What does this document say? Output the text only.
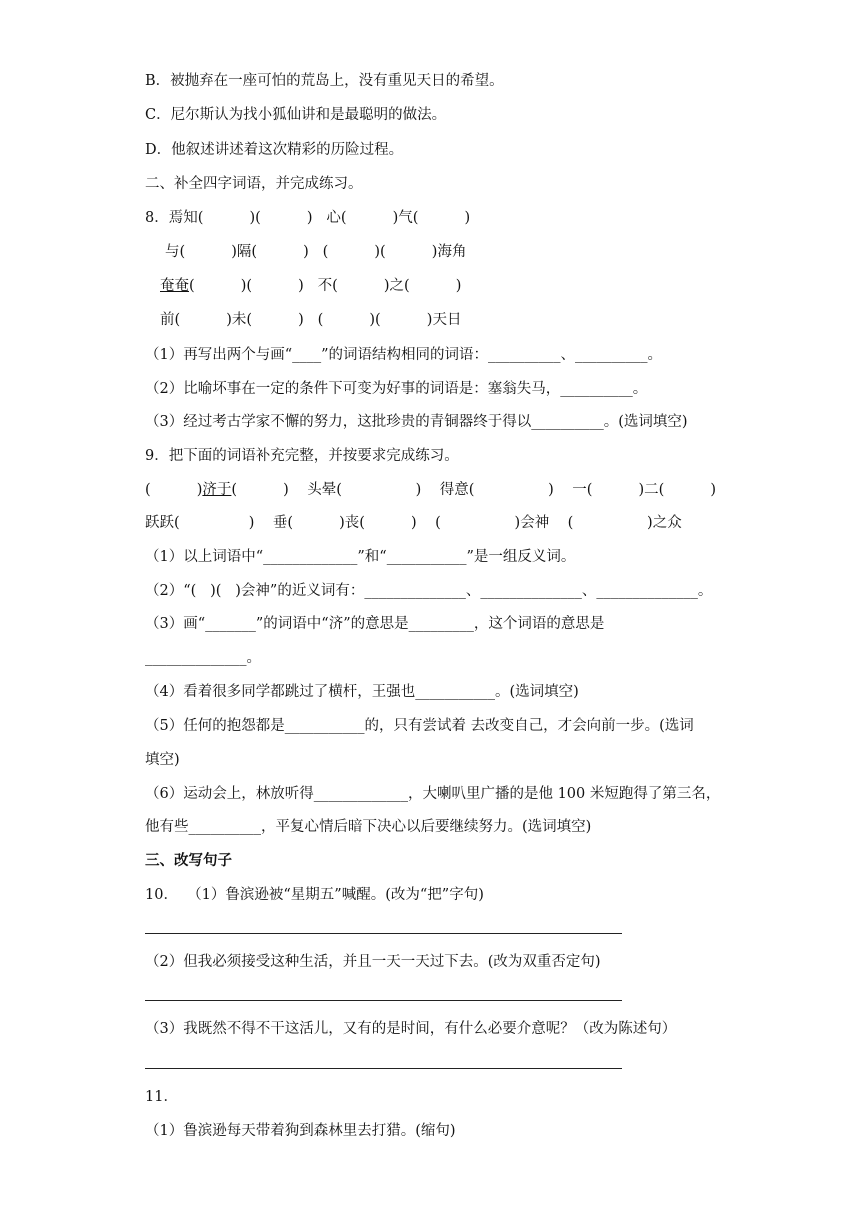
B．被抛弃在一座可怕的荒岛上，没有重见天日的希望。
C．尼尔斯认为找小狐仙讲和是最聪明的做法。
D．他叙述讲述着这次精彩的历险过程。
二、补全四字词语，并完成练习。
8．焉知(          )(          )   心(          )气(          )
与(          )隔(          )   (          )(          )海角
奄奄(          )(          )   不(          )之(          )
前(          )未(          )   (          )(          )天日
（1）再写出两个与画“____”的词语结构相同的词语：__________、__________。
（2）比喻坏事在一定的条件下可变为好事的词语是：塞翁失马，__________。
（3）经过考古学家不懈的努力，这批珍贵的青铜器终于得以__________。(选词填空)
9．把下面的词语补充完整，并按要求完成练习。
(          )济于(          )    头晕(                )    得意(                )    一(          )二(          )
跃跃(               )    垂(          )丧(          )    (                )会神    (                )之众
（1）以上词语中“_____________”和“___________”是一组反义词。
（2）“(   )(   )会神”的近义词有：______________、______________、______________。
（3）画“_______”的词语中“济”的意思是_________，这个词语的意思是
______________。
（4）看着很多同学都跳过了横杆，王强也___________。(选词填空)
（5）任何的抱怨都是___________的，只有尝试着 去改变自己，才会向前一步。(选词
填空)
（6）运动会上，林放听得_____________，大喇叭里广播的是他 100 米短跑得了第三名，
他有些__________，平复心情后暗下决心以后要继续努力。(选词填空)
三、改写句子
10．  （1）鲁滨逊被“星期五”喊醒。(改为“把”字句)
（2）但我必须接受这种生活，并且一天一天过下去。(改为双重否定句)
（3）我既然不得不干这活儿，又有的是时间，有什么必要介意呢？（改为陈述句）
11．
（1）鲁滨逊每天带着狗到森林里去打猎。(缩句)
